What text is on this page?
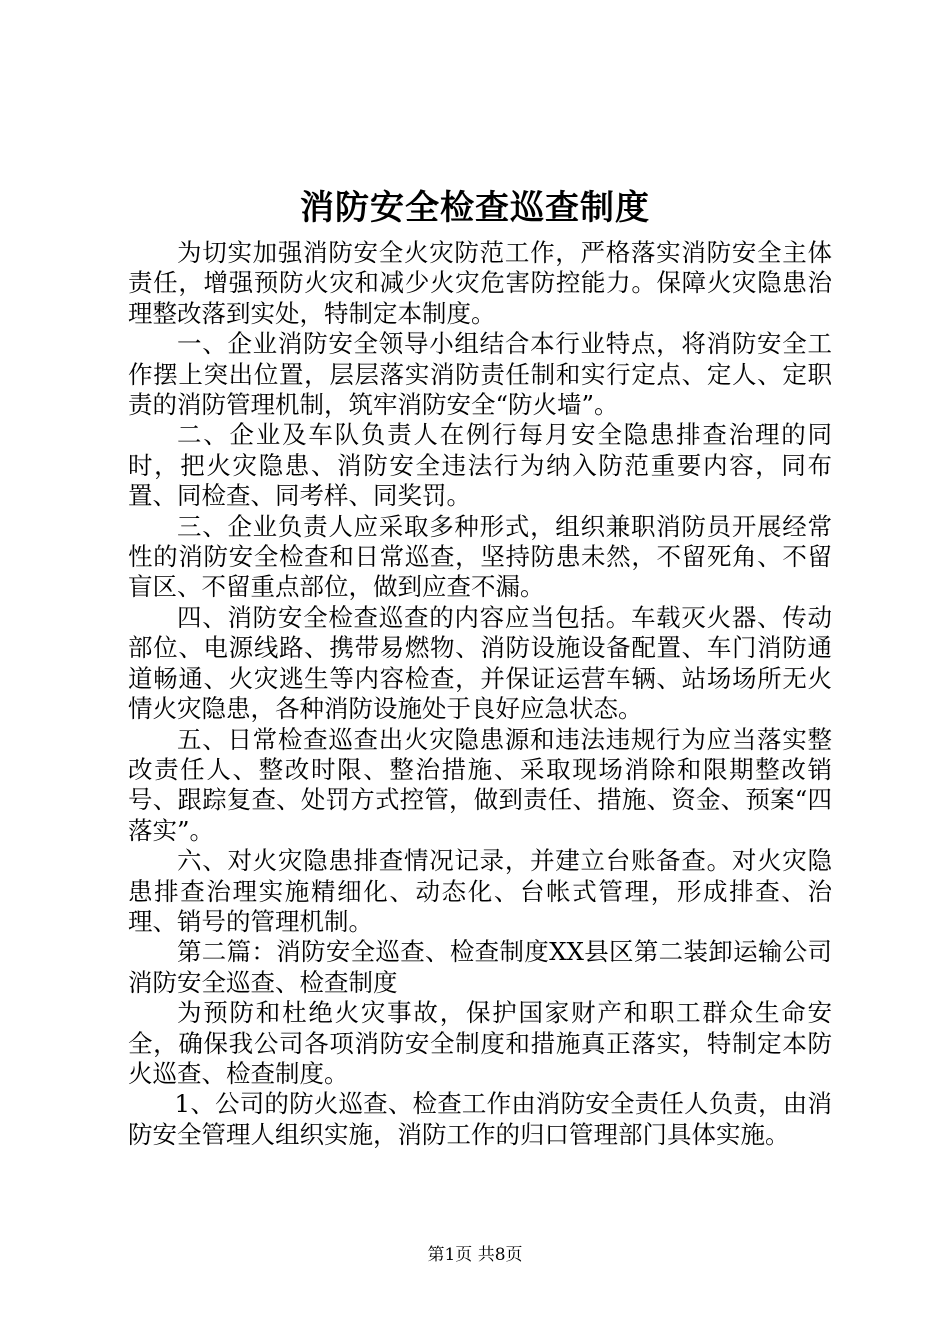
消防安全检查巡查制度

为切实加强消防安全火灾防范工作，严格落实消防安全主体责任，增强预防火灾和减少火灾危害防控能力。保障火灾隐患治理整改落到实处，特制定本制度。

一、企业消防安全领导小组结合本行业特点，将消防安全工作摆上突出位置，层层落实消防责任制和实行定点、定人、定职责的消防管理机制，筑牢消防安全“防火墙”。

二、企业及车队负责人在例行每月安全隐患排查治理的同时，把火灾隐患、消防安全违法行为纳入防范重要内容，同布置、同检查、同考样、同奖罚。

三、企业负责人应采取多种形式，组织兼职消防员开展经常性的消防安全检查和日常巡查，坚持防患未然，不留死角、不留盲区、不留重点部位，做到应查不漏。

四、消防安全检查巡查的内容应当包括。车载灭火器、传动部位、电源线路、携带易燃物、消防设施设备配置、车门消防通道畅通、火灾逃生等内容检查，并保证运营车辆、站场场所无火情火灾隐患，各种消防设施处于良好应急状态。

五、日常检查巡查出火灾隐患源和违法违规行为应当落实整改责任人、整改时限、整治措施、采取现场消除和限期整改销号、跟踪复查、处罚方式控管，做到责任、措施、资金、预案“四落实”。

六、对火灾隐患排查情况记录，并建立台账备查。对火灾隐患排查治理实施精细化、动态化、台帐式管理，形成排查、治理、销号的管理机制。

第二篇：消防安全巡查、检查制度XX县区第二装卸运输公司消防安全巡查、检查制度

为预防和杜绝火灾事故，保护国家财产和职工群众生命安全，确保我公司各项消防安全制度和措施真正落实，特制定本防火巡查、检查制度。

1、公司的防火巡查、检查工作由消防安全责任人负责，由消防安全管理人组织实施，消防工作的归口管理部门具体实施。

第1页 共8页
